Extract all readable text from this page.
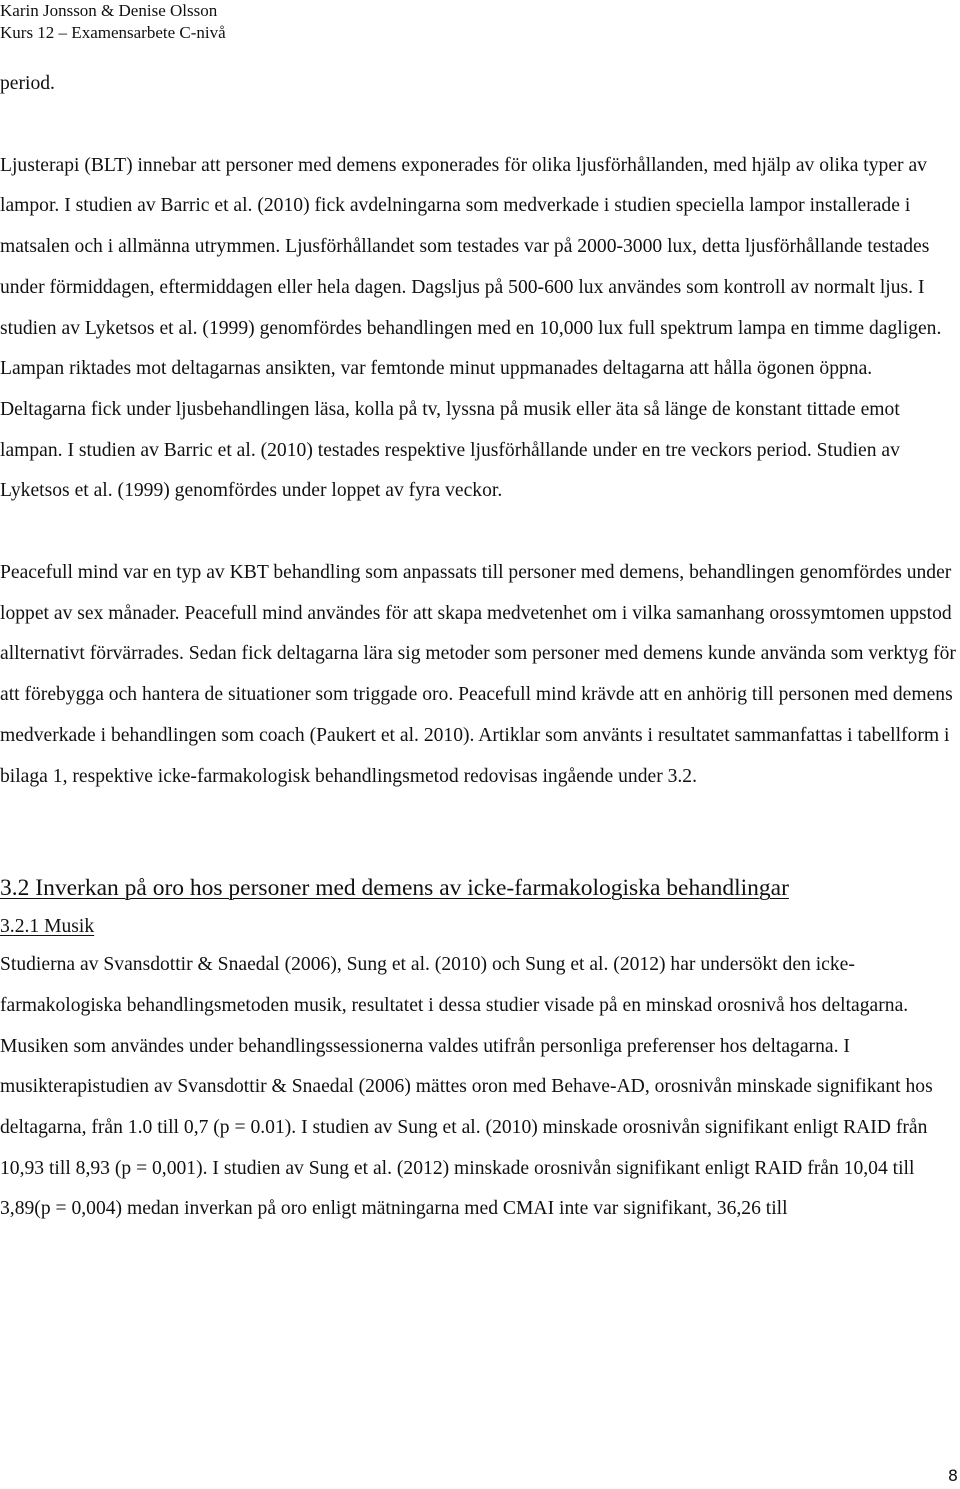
Karin Jonsson & Denise Olsson
Kurs 12 – Examensarbete C-nivå

period.

Ljusterapi (BLT) innebar att personer med demens exponerades för olika ljusförhållanden, med hjälp av olika typer av lampor. I studien av Barric et al. (2010) fick avdelningarna som medverkade i studien speciella lampor installerade i matsalen och i allmänna utrymmen. Ljusförhållandet som testades var på 2000-3000 lux, detta ljusförhållande testades under förmiddagen, eftermiddagen eller hela dagen. Dagsljus på 500-600 lux användes som kontroll av normalt ljus. I studien av Lyketsos et al. (1999) genomfördes behandlingen med en 10,000 lux full spektrum lampa en timme dagligen. Lampan riktades mot deltagarnas ansikten, var femtonde minut uppmanades deltagarna att hålla ögonen öppna. Deltagarna fick under ljusbehandlingen läsa, kolla på tv, lyssna på musik eller äta så länge de konstant tittade emot lampan. I studien av Barric et al. (2010) testades respektive ljusförhållande under en tre veckors period. Studien av Lyketsos et al. (1999) genomfördes under loppet av fyra veckor.

Peacefull mind var en typ av KBT behandling som anpassats till personer med demens, behandlingen genomfördes under loppet av sex månader. Peacefull mind användes för att skapa medvetenhet om i vilka samanhang orossymtomen uppstod allternativt förvärrades. Sedan fick deltagarna lära sig metoder som personer med demens kunde använda som verktyg för att förebygga och hantera de situationer som triggade oro. Peacefull mind krävde att en anhörig till personen med demens medverkade i behandlingen som coach (Paukert et al. 2010). Artiklar som använts i resultatet sammanfattas i tabellform i bilaga 1, respektive icke-farmakologisk behandlingsmetod redovisas ingående under 3.2.

3.2 Inverkan på oro hos personer med demens av icke-farmakologiska behandlingar
3.2.1 Musik

Studierna av Svansdottir & Snaedal (2006), Sung et al. (2010) och Sung et al. (2012) har undersökt den icke-farmakologiska behandlingsmetoden musik, resultatet i dessa studier visade på en minskad orosnivå hos deltagarna. Musiken som användes under behandlingssessionerna valdes utifrån personliga preferenser hos deltagarna. I musikterapistudien av Svansdottir & Snaedal (2006) mättes oron med Behave-AD, orosnivån minskade signifikant hos deltagarna, från 1.0 till 0,7 (p = 0.01). I studien av Sung et al. (2010) minskade orosnivån signifikant enligt RAID från 10,93 till 8,93 (p = 0,001). I studien av Sung et al. (2012) minskade orosnivån signifikant enligt RAID från 10,04 till 3,89(p = 0,004) medan inverkan på oro enligt mätningarna med CMAI inte var signifikant, 36,26 till

8
